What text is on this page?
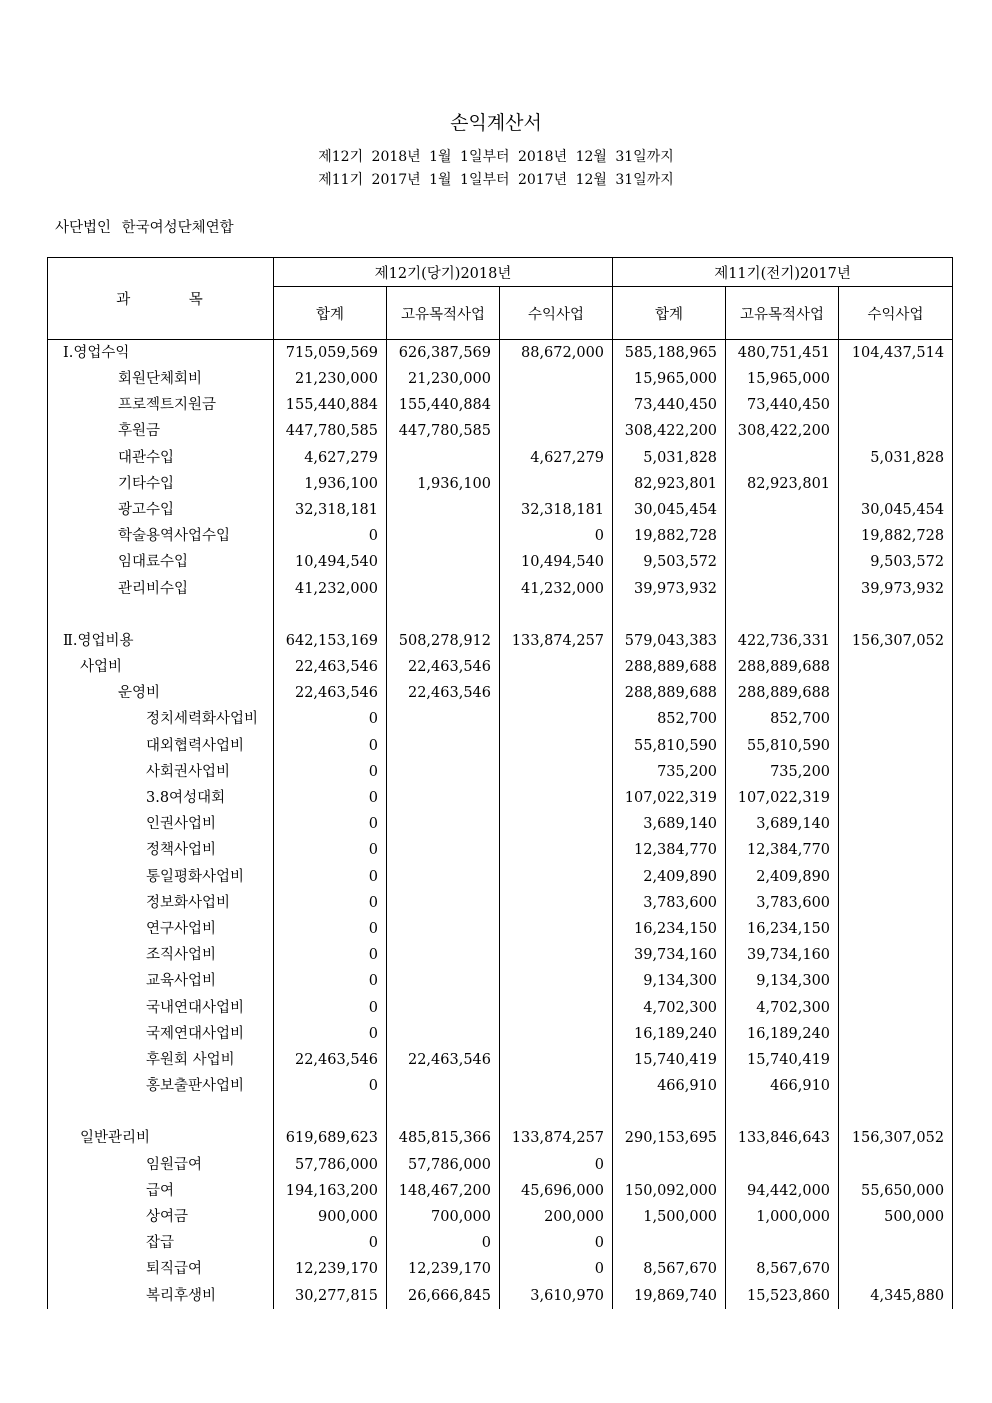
손익계산서
제12기 2018년 1월 1일부터 2018년 12월 31일까지
제11기 2017년 1월 1일부터 2017년 12월 31일까지
사단법인 한국여성단체연합
과 목	제12기(당기)2018년			제11기(전기)2017년		
	합계	고유목적사업	수익사업	합계	고유목적사업	수익사업
Ⅰ.영업수익	715,059,569	626,387,569	88,672,000	585,188,965	480,751,451	104,437,514
회원단체회비	21,230,000	21,230,000		15,965,000	15,965,000	
프로젝트지원금	155,440,884	155,440,884		73,440,450	73,440,450	
후원금	447,780,585	447,780,585		308,422,200	308,422,200	
대관수입	4,627,279		4,627,279	5,031,828		5,031,828
기타수입	1,936,100	1,936,100		82,923,801	82,923,801	
광고수입	32,318,181		32,318,181	30,045,454		30,045,454
학술용역사업수입	0		0	19,882,728		19,882,728
임대료수입	10,494,540		10,494,540	9,503,572		9,503,572
관리비수입	41,232,000		41,232,000	39,973,932		39,973,932

Ⅱ.영업비용	642,153,169	508,278,912	133,874,257	579,043,383	422,736,331	156,307,052
사업비	22,463,546	22,463,546		288,889,688	288,889,688	
운영비	22,463,546	22,463,546		288,889,688	288,889,688	
정치세력화사업비	0			852,700	852,700	
대외협력사업비	0			55,810,590	55,810,590	
사회권사업비	0			735,200	735,200	
3.8여성대회	0			107,022,319	107,022,319	
인권사업비	0			3,689,140	3,689,140	
정책사업비	0			12,384,770	12,384,770	
통일평화사업비	0			2,409,890	2,409,890	
정보화사업비	0			3,783,600	3,783,600	
연구사업비	0			16,234,150	16,234,150	
조직사업비	0			39,734,160	39,734,160	
교육사업비	0			9,134,300	9,134,300	
국내연대사업비	0			4,702,300	4,702,300	
국제연대사업비	0			16,189,240	16,189,240	
후원회 사업비	22,463,546	22,463,546		15,740,419	15,740,419	
홍보출판사업비	0			466,910	466,910	

일반관리비	619,689,623	485,815,366	133,874,257	290,153,695	133,846,643	156,307,052
임원급여	57,786,000	57,786,000	0			
급여	194,163,200	148,467,200	45,696,000	150,092,000	94,442,000	55,650,000
상여금	900,000	700,000	200,000	1,500,000	1,000,000	500,000
잡급	0	0	0			
퇴직급여	12,239,170	12,239,170	0	8,567,670	8,567,670	
복리후생비	30,277,815	26,666,845	3,610,970	19,869,740	15,523,860	4,345,880
